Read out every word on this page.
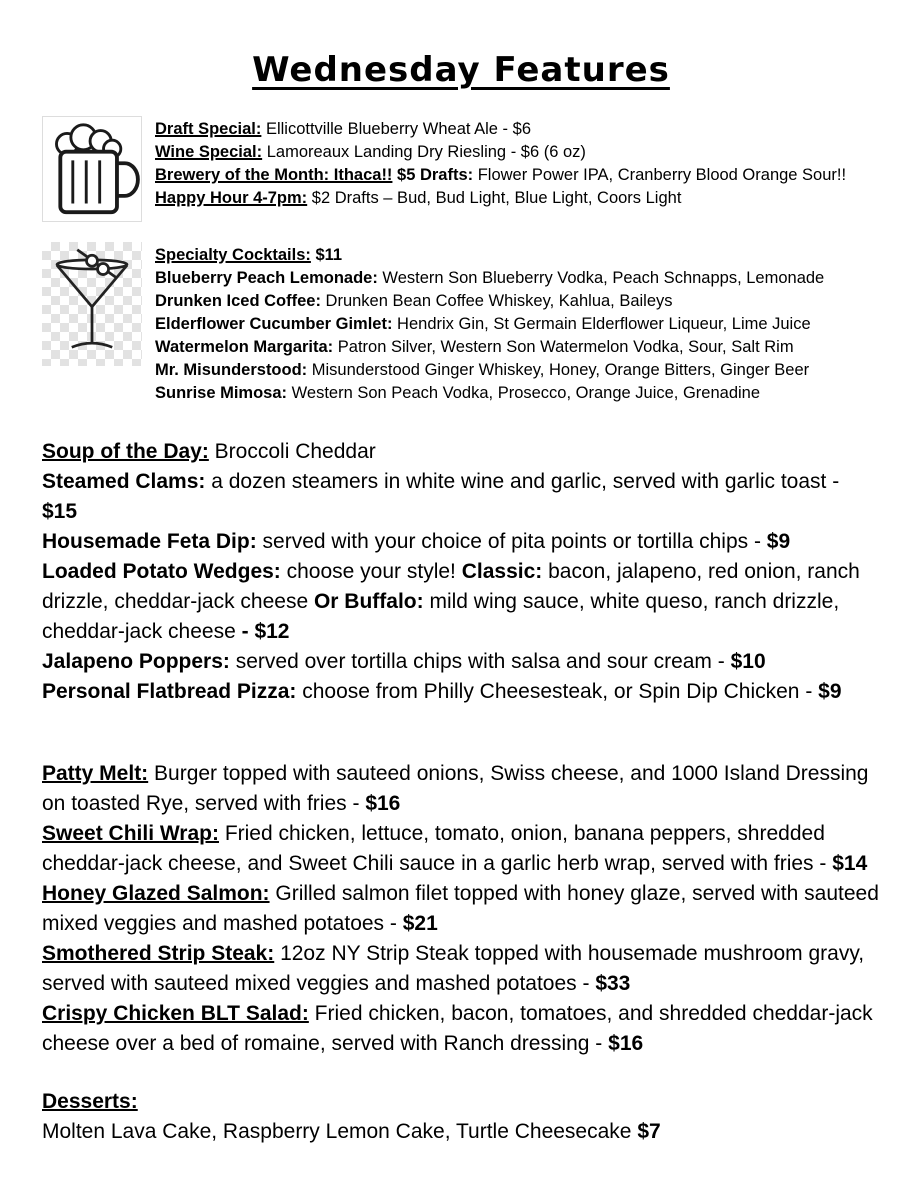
Wednesday Features
Draft Special: Ellicottville Blueberry Wheat Ale - $6
Wine Special: Lamoreaux Landing Dry Riesling - $6 (6 oz)
Brewery of the Month: Ithaca!! $5 Drafts: Flower Power IPA, Cranberry Blood Orange Sour!!
Happy Hour 4-7pm: $2 Drafts – Bud, Bud Light, Blue Light, Coors Light
Specialty Cocktails: $11
Blueberry Peach Lemonade: Western Son Blueberry Vodka, Peach Schnapps, Lemonade
Drunken Iced Coffee: Drunken Bean Coffee Whiskey, Kahlua, Baileys
Elderflower Cucumber Gimlet: Hendrix Gin, St Germain Elderflower Liqueur, Lime Juice
Watermelon Margarita: Patron Silver, Western Son Watermelon Vodka, Sour, Salt Rim
Mr. Misunderstood: Misunderstood Ginger Whiskey, Honey, Orange Bitters, Ginger Beer
Sunrise Mimosa: Western Son Peach Vodka, Prosecco, Orange Juice, Grenadine
Soup of the Day: Broccoli Cheddar
Steamed Clams: a dozen steamers in white wine and garlic, served with garlic toast - $15
Housemade Feta Dip: served with your choice of pita points or tortilla chips - $9
Loaded Potato Wedges: choose your style! Classic: bacon, jalapeno, red onion, ranch drizzle, cheddar-jack cheese Or Buffalo: mild wing sauce, white queso, ranch drizzle, cheddar-jack cheese - $12
Jalapeno Poppers: served over tortilla chips with salsa and sour cream - $10
Personal Flatbread Pizza: choose from Philly Cheesesteak, or Spin Dip Chicken - $9
Patty Melt: Burger topped with sauteed onions, Swiss cheese, and 1000 Island Dressing on toasted Rye, served with fries - $16
Sweet Chili Wrap: Fried chicken, lettuce, tomato, onion, banana peppers, shredded cheddar-jack cheese, and Sweet Chili sauce in a garlic herb wrap, served with fries - $14
Honey Glazed Salmon: Grilled salmon filet topped with honey glaze, served with sauteed mixed veggies and mashed potatoes - $21
Smothered Strip Steak: 12oz NY Strip Steak topped with housemade mushroom gravy, served with sauteed mixed veggies and mashed potatoes - $33
Crispy Chicken BLT Salad: Fried chicken, bacon, tomatoes, and shredded cheddar-jack cheese over a bed of romaine, served with Ranch dressing - $16
Desserts:
Molten Lava Cake, Raspberry Lemon Cake, Turtle Cheesecake $7
